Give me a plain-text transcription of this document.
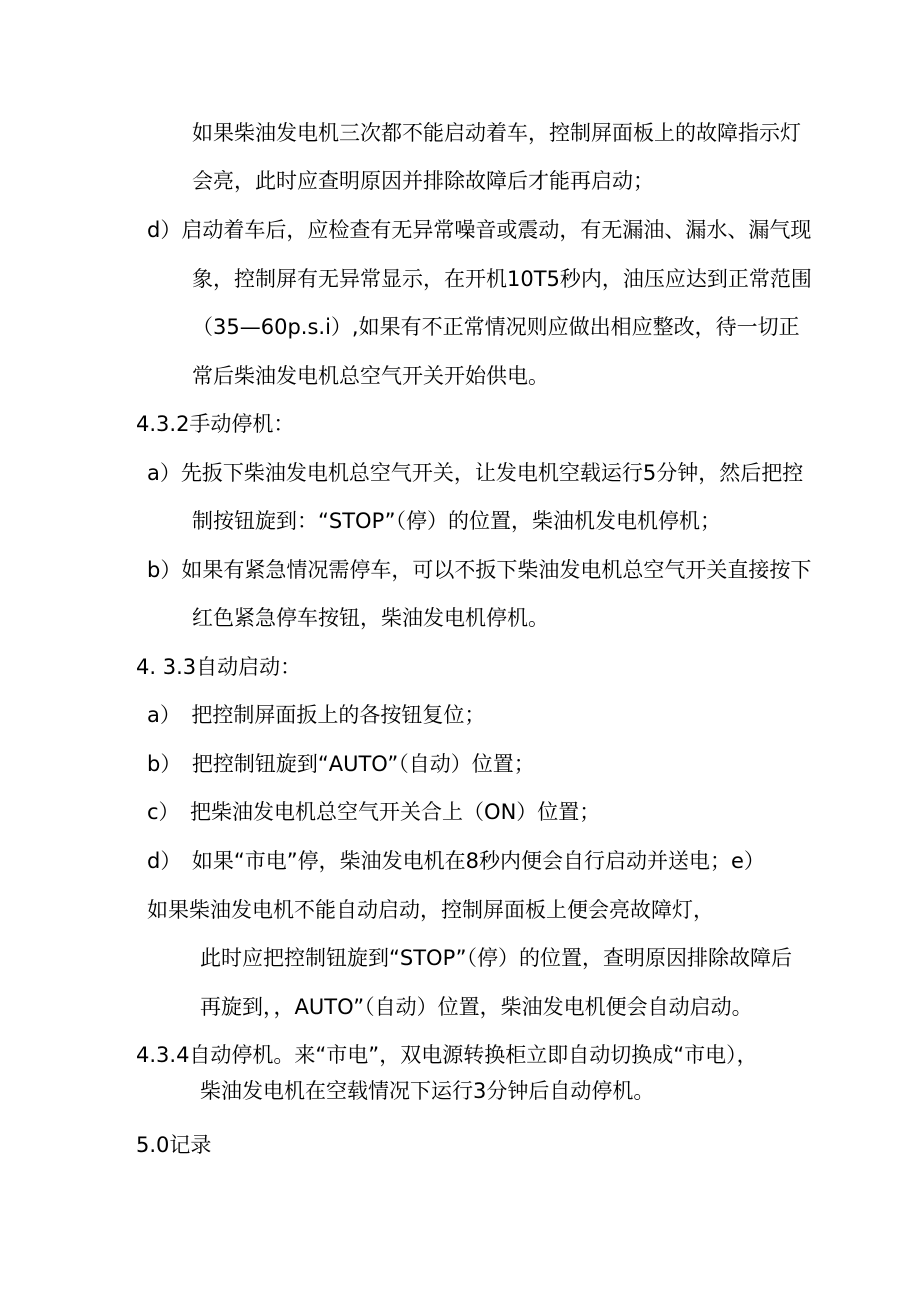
如果柴油发电机三次都不能启动着车，控制屏面板上的故障指示灯
会亮，此时应查明原因并排除故障后才能再启动；
d）启动着车后，应检查有无异常噪音或震动，有无漏油、漏水、漏气现
象，控制屏有无异常显示，在开机10T5秒内，油压应达到正常范围
（35—60p.s.i）,如果有不正常情况则应做出相应整改，待一切正
常后柴油发电机总空气开关开始供电。
4.3.2手动停机：
a）先扳下柴油发电机总空气开关，让发电机空载运行5分钟，然后把控
制按钮旋到：“STOP”（停）的位置，柴油机发电机停机；
b）如果有紧急情况需停车，可以不扳下柴油发电机总空气开关直接按下
红色紧急停车按钮，柴油发电机停机。
4. 3.3自动启动：
a）　把控制屏面扳上的各按钮复位；
b）　把控制钮旋到“AUTO”（自动）位置；
c）　把柴油发电机总空气开关合上（ON）位置；
d）　如果“市电”停，柴油发电机在8秒内便会自行启动并送电；e）
如果柴油发电机不能自动启动，控制屏面板上便会亮故障灯，
此时应把控制钮旋到“STOP”（停）的位置，查明原因排除故障后
再旋到，，AUTO”（自动）位置，柴油发电机便会自动启动。
4.3.4自动停机。来“市电”，双电源转换柜立即自动切换成“市电），
柴油发电机在空载情况下运行3分钟后自动停机。
5.0记录
